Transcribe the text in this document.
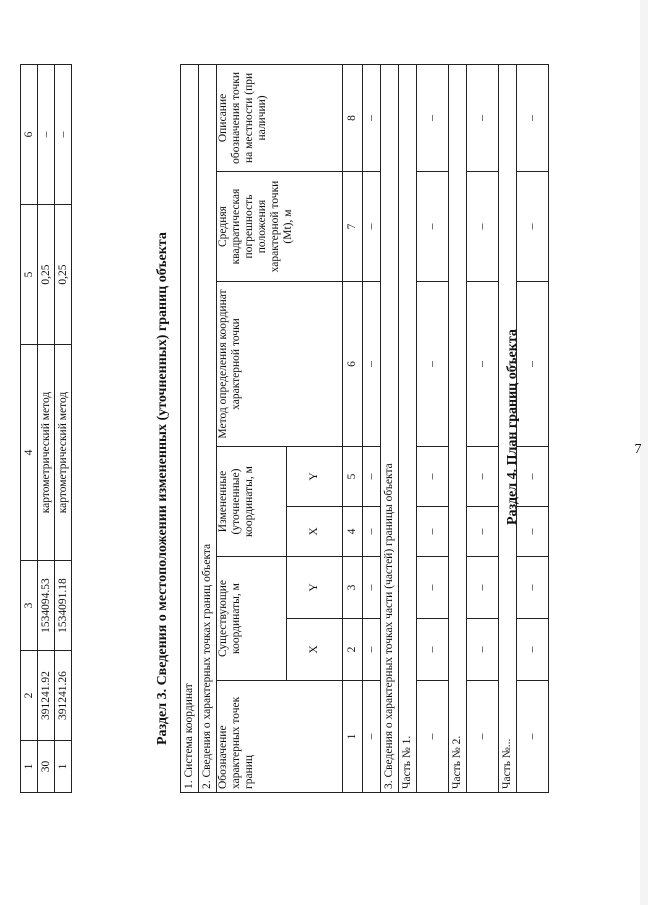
7
1	2	3	4	5	6
30	391241.92	1534094.53	картометрический метод	0,25	–
1	391241.26	1534091.18	картометрический метод	0,25	–
Раздел 3. Сведения о местоположении измененных (уточненных) границ объекта 1. Система координат							
2. Сведения о характерных точках границ объекта							
Обозначение характерных точек границ	Существующие координаты, м		Измененные (уточненные) координаты, м		Метод определения координат характерной точки	Средняя квадратическая погрешность положения характерной точки (Mt), м	Описание обозначения точки на местности (при наличии)
	X	Y	X	Y			
1	2	3	4	5	6	7	8
–	–	–	–	–	–	–	–
3. Сведения о характерных точках части (частей) границы объекта							
Часть № 1.							
–	–	–	–	–	–	–	–
Часть № 2.							
–	–	–	–	–	–	–	–
Часть №...							
–	–	–	–	–	–	–	–
Раздел 4. План границ объекта
